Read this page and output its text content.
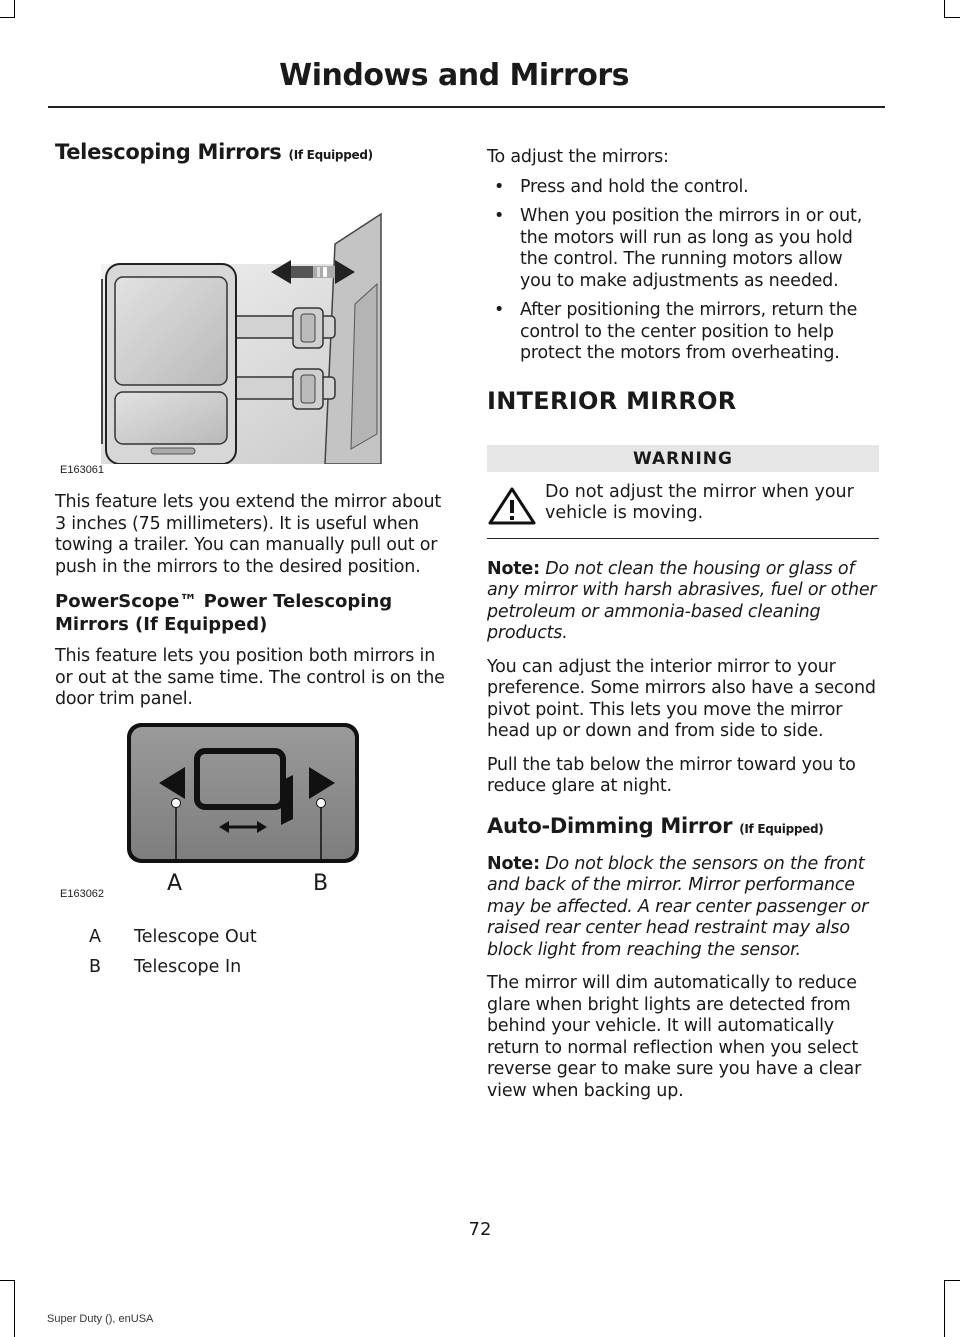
Windows and Mirrors
Telescoping Mirrors (If Equipped)
E163061

This feature lets you extend the mirror about 3 inches (75 millimeters). It is useful when towing a trailer. You can manually pull out or push in the mirrors to the desired position.

PowerScope™ Power Telescoping Mirrors (If Equipped)

This feature lets you position both mirrors in or out at the same time. The control is on the door trim panel.

A	B
E163062
A	Telescope Out
B	Telescope In

To adjust the mirrors:

• Press and hold the control.
• When you position the mirrors in or out, the motors will run as long as you hold the control. The running motors allow you to make adjustments as needed.
• After positioning the mirrors, return the control to the center position to help protect the motors from overheating.
INTERIOR MIRROR
WARNING
Do not adjust the mirror when your vehicle is moving.

Note: Do not clean the housing or glass of any mirror with harsh abrasives, fuel or other petroleum or ammonia-based cleaning products.

You can adjust the interior mirror to your preference. Some mirrors also have a second pivot point. This lets you move the mirror head up or down and from side to side.

Pull the tab below the mirror toward you to reduce glare at night.

Auto-Dimming Mirror (If Equipped)

Note: Do not block the sensors on the front and back of the mirror. Mirror performance may be affected. A rear center passenger or raised rear center head restraint may also block light from reaching the sensor.

The mirror will dim automatically to reduce glare when bright lights are detected from behind your vehicle. It will automatically return to normal reflection when you select reverse gear to make sure you have a clear view when backing up.

72
Super Duty (), enUSA
